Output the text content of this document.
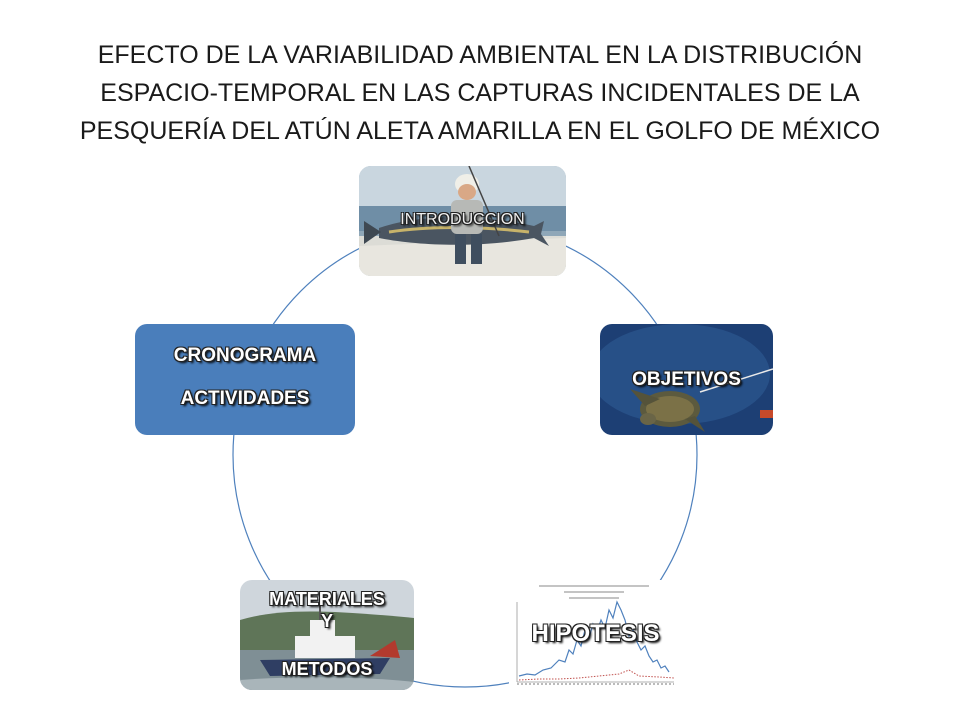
EFECTO DE LA VARIABILIDAD AMBIENTAL EN LA DISTRIBUCIÓN
ESPACIO-TEMPORAL EN LAS CAPTURAS INCIDENTALES DE LA
PESQUERÍA DEL ATÚN ALETA AMARILLA EN EL GOLFO DE MÉXICO
INTRODUCCION
OBJETIVOS
HIPOTESIS
MATERIALES
Y
METODOS
CRONOGRAMA
ACTIVIDADES
